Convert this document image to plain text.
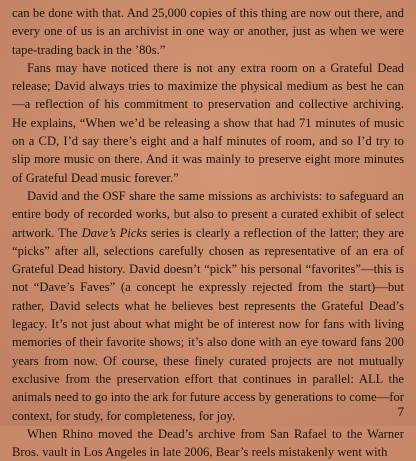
can be done with that. And 25,000 copies of this thing are now out there, and every one of us is an archivist in one way or another, just as when we were tape-trading back in the ’80s.”

Fans may have noticed there is not any extra room on a Grateful Dead release; David always tries to maximize the physical medium as best he can—a reflection of his commitment to preservation and collective archiving. He explains, “When we’d be releasing a show that had 71 minutes of music on a CD, I’d say there’s eight and a half minutes of room, and so I’d try to slip more music on there. And it was mainly to preserve eight more minutes of Grateful Dead music forever.”

David and the OSF share the same missions as archivists: to safeguard an entire body of recorded works, but also to present a curated exhibit of select artwork. The Dave’s Picks series is clearly a reflection of the latter; they are “picks” after all, selections carefully chosen as representative of an era of Grateful Dead history. David doesn’t “pick” his personal “favorites”—this is not “Dave’s Faves” (a concept he expressly rejected from the start)—but rather, David selects what he believes best represents the Grateful Dead’s legacy. It’s not just about what might be of interest now for fans with living memories of their favorite shows; it’s also done with an eye toward fans 200 years from now. Of course, these finely curated projects are not mutually exclusive from the preservation effort that continues in parallel: ALL the animals need to go into the ark for future access by generations to come—for context, for study, for completeness, for joy.

When Rhino moved the Dead’s archive from San Rafael to the Warner Bros. vault in Los Angeles in late 2006, Bear’s reels mistakenly went with

7
